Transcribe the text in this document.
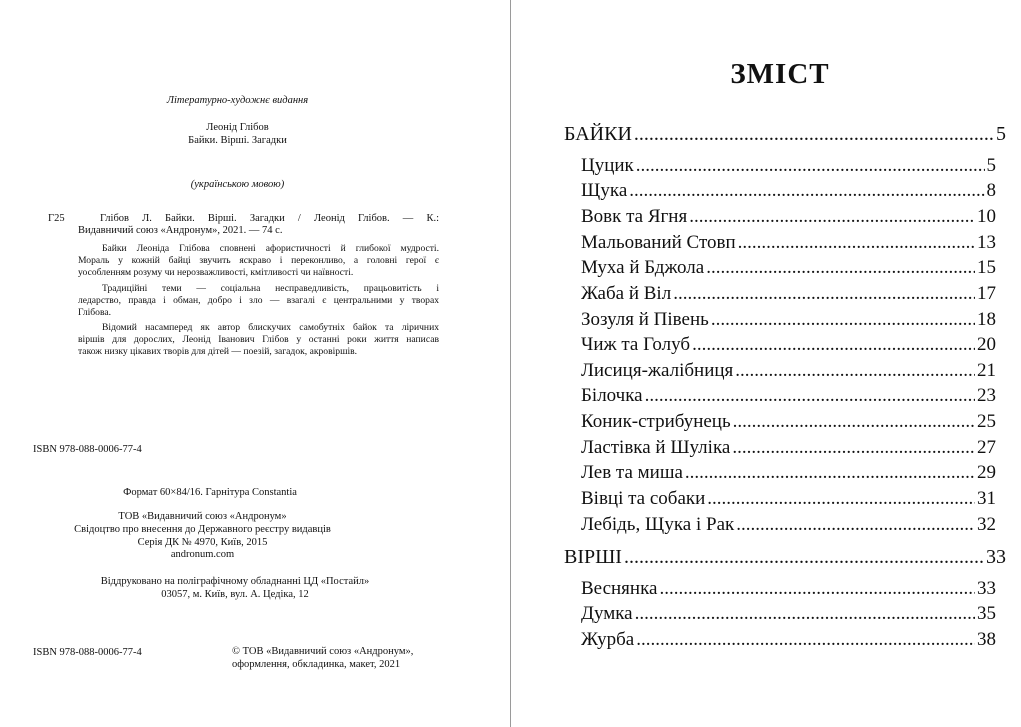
Літературно-художнє видання
Леонід Глібов
Байки. Вірші. Загадки
(українською мовою)
Г25	Глібов Л. Байки. Вірші. Загадки / Леонід Глібов. — К.:
Видавничий союз «Андронум», 2021. — 74 с.
Байки Леоніда Глібова сповнені афористичності й глибокої мудрості.
Мораль у кожній байці звучить яскраво і переконливо, а головні герої є
уособленням розуму чи нерозважливості, кмітливості чи наївності.
Традиційні теми — соціальна несправедливість, працьовитість і
ледарство, правда і обман, добро і зло — взагалі є центральними у творах
Глібова.
Відомий насамперед як автор блискучих самобутніх байок та ліричних
віршів для дорослих, Леонід Іванович Глібов у останні роки життя написав
також низку цікавих творів для дітей — поезій, загадок, акровіршів.
ISBN 978-088-0006-77-4
Формат 60×84/16. Гарнітура Constantia
ТОВ «Видавничий союз «Андронум»
Свідоцтво про внесення до Державного реєстру видавців
Серія ДК № 4970, Київ, 2015
andronum.com
Віддруковано на поліграфічному обладнанні ЦД «Постайл»
03057, м. Київ, вул. А. Цедіка, 12
ISBN 978-088-0006-77-4	© ТОВ «Видавничий союз «Андронум»,
оформлення, обкладинка, макет, 2021
ЗМІСТ
БАЙКИ .....	5
Цуцик .....	5
Щука .....	8
Вовк та Ягня .....	10
Мальований Стовп .....	13
Муха й Бджола .....	15
Жаба й Віл .....	17
Зозуля й Півень .....	18
Чиж та Голуб .....	20
Лисиця-жалібниця .....	21
Білочка .....	23
Коник-стрибунець .....	25
Ластівка й Шуліка .....	27
Лев та миша .....	29
Вівці та собаки .....	31
Лебідь, Щука і Рак .....	32
ВІРШІ .....	33
Веснянка .....	33
Думка .....	35
Журба .....	38
